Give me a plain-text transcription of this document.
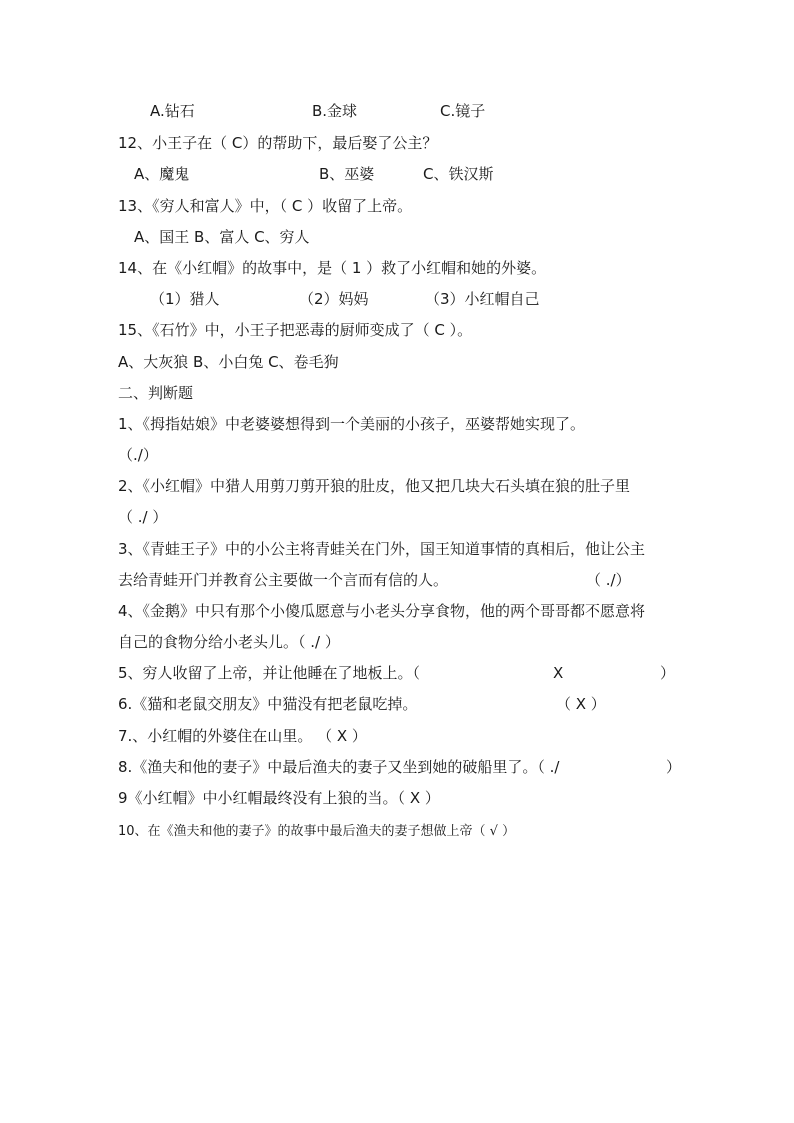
A.钻石	B.金球	C.镜子
12、小王子在（ C）的帮助下，最后娶了公主？
A、魔鬼	B、巫婆	C、铁汉斯
13、《穷人和富人》中，（ C ）收留了上帝。
A、国王 B、富人 C、穷人
14、在《小红帽》的故事中，是（ 1 ）救了小红帽和她的外婆。
（1）猎人	（2）妈妈	（3）小红帽自己
15、《石竹》中，小王子把恶毒的厨师变成了（ C ）。
A、大灰狼 B、小白兔 C、卷毛狗
二、判断题
1、《拇指姑娘》中老婆婆想得到一个美丽的小孩子，巫婆帮她实现了。
（./）
2、《小红帽》中猎人用剪刀剪开狼的肚皮，他又把几块大石头填在狼的肚子里
（ ./ ）
3、《青蛙王子》中的小公主将青蛙关在门外，国王知道事情的真相后，他让公主
去给青蛙开门并教育公主要做一个言而有信的人。	（ ./）
4、《金鹅》中只有那个小傻瓜愿意与小老头分享食物，他的两个哥哥都不愿意将
自己的食物分给小老头儿。（ ./ ）
5、穷人收留了上帝，并让他睡在了地板上。（	X	）
6.《猫和老鼠交朋友》中猫没有把老鼠吃掉。	（ X ）
7.、小红帽的外婆住在山里。 （ X ）
8.《渔夫和他的妻子》中最后渔夫的妻子又坐到她的破船里了。（ ./	）
9《小红帽》中小红帽最终没有上狼的当。（ X ）
10、在《渔夫和他的妻子》的故事中最后渔夫的妻子想做上帝（ √ ）
